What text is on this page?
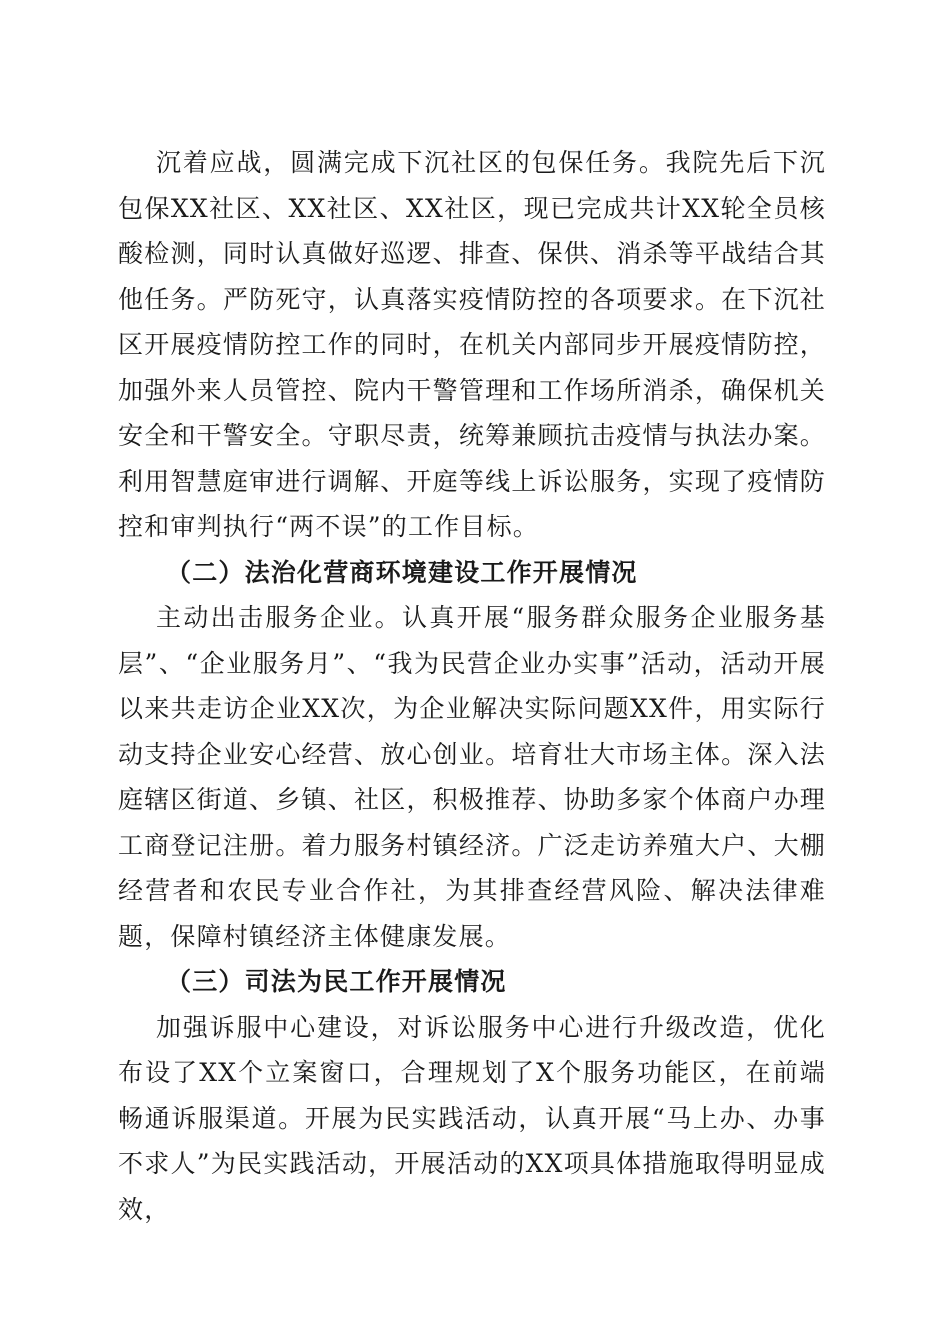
沉着应战，圆满完成下沉社区的包保任务。我院先后下沉包保XX社区、XX社区、XX社区，现已完成共计XX轮全员核酸检测，同时认真做好巡逻、排查、保供、消杀等平战结合其他任务。严防死守，认真落实疫情防控的各项要求。在下沉社区开展疫情防控工作的同时，在机关内部同步开展疫情防控，加强外来人员管控、院内干警管理和工作场所消杀，确保机关安全和干警安全。守职尽责，统筹兼顾抗击疫情与执法办案。利用智慧庭审进行调解、开庭等线上诉讼服务，实现了疫情防控和审判执行“两不误”的工作目标。

（二）法治化营商环境建设工作开展情况

主动出击服务企业。认真开展“服务群众服务企业服务基层”、“企业服务月”、“我为民营企业办实事”活动，活动开展以来共走访企业XX次，为企业解决实际问题XX件，用实际行动支持企业安心经营、放心创业。培育壮大市场主体。深入法庭辖区街道、乡镇、社区，积极推荐、协助多家个体商户办理工商登记注册。着力服务村镇经济。广泛走访养殖大户、大棚经营者和农民专业合作社，为其排查经营风险、解决法律难题，保障村镇经济主体健康发展。

（三）司法为民工作开展情况

加强诉服中心建设，对诉讼服务中心进行升级改造，优化布设了XX个立案窗口，合理规划了X个服务功能区，在前端畅通诉服渠道。开展为民实践活动，认真开展“马上办、办事不求人”为民实践活动，开展活动的XX项具体措施取得明显成效，
